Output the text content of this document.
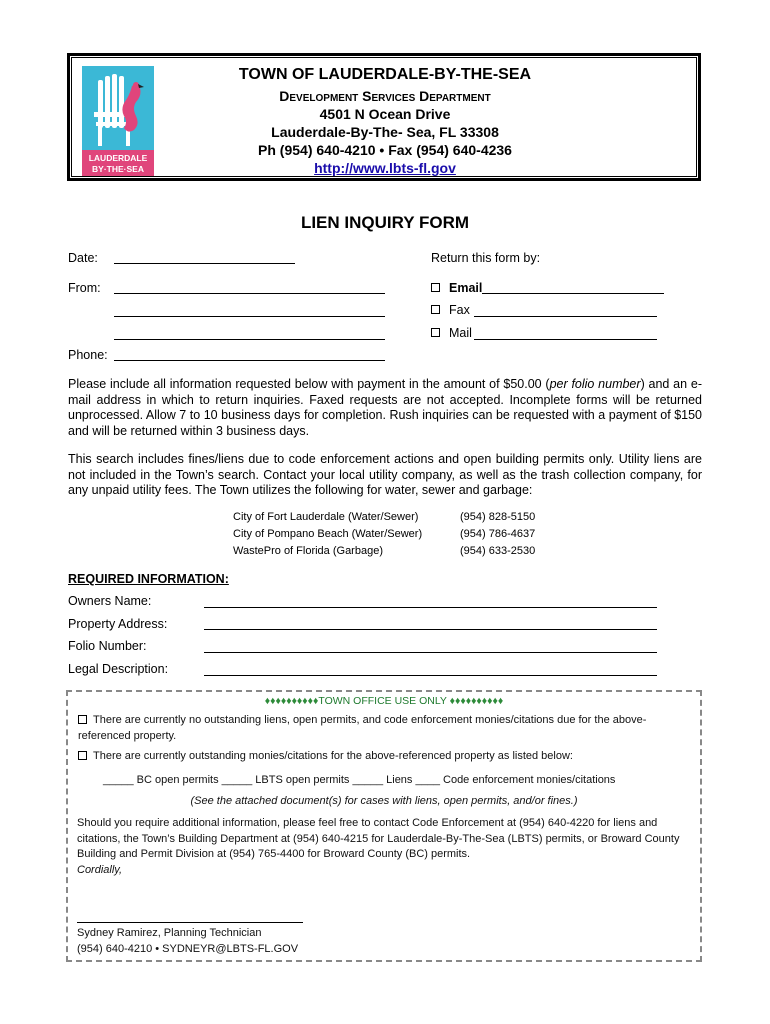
LAUDERDALE
BY·THE·SEA
TOWN OF LAUDERDALE-BY-THE-SEA
Development Services Department
4501 N Ocean Drive
Lauderdale-By-The- Sea, FL 33308
Ph (954) 640-4210 • Fax (954) 640-4236
http://www.lbts-fl.gov
LIEN INQUIRY FORM
Date:
From:
Phone:
Return this form by:
Email
Fax
Mail
Please include all information requested below with payment in the amount of $50.00 (per folio number) and an e-mail address in which to return inquiries. Faxed requests are not accepted. Incomplete forms will be returned unprocessed. Allow 7 to 10 business days for completion. Rush inquiries can be requested with a payment of $150 and will be returned within 3 business days.
This search includes fines/liens due to code enforcement actions and open building permits only. Utility liens are not included in the Town’s search. Contact your local utility company, as well as the trash collection company, for any unpaid utility fees. The Town utilizes the following for water, sewer and garbage:
City of Fort Lauderdale (Water/Sewer)	(954) 828-5150
City of Pompano Beach (Water/Sewer)	(954) 786-4637
WastePro of Florida (Garbage)	(954) 633-2530
REQUIRED INFORMATION:
Owners Name:
Property Address:
Folio Number:
Legal Description:
♦♦♦♦♦♦♦♦♦♦TOWN OFFICE USE ONLY ♦♦♦♦♦♦♦♦♦♦
There are currently no outstanding liens, open permits, and code enforcement monies/citations due for the above-referenced property.
There are currently outstanding monies/citations for the above-referenced property as listed below:
_____ BC open permits _____ LBTS open permits _____ Liens ____ Code enforcement monies/citations
(See the attached document(s) for cases with liens, open permits, and/or fines.)
Should you require additional information, please feel free to contact Code Enforcement at (954) 640-4220 for liens and citations, the Town’s Building Department at (954) 640-4215 for Lauderdale-By-The-Sea (LBTS) permits, or Broward County Building and Permit Division at (954) 765-4400 for Broward County (BC) permits.
Cordially,
Sydney Ramirez, Planning Technician
(954) 640-4210 • SYDNEYR@LBTS-FL.GOV
